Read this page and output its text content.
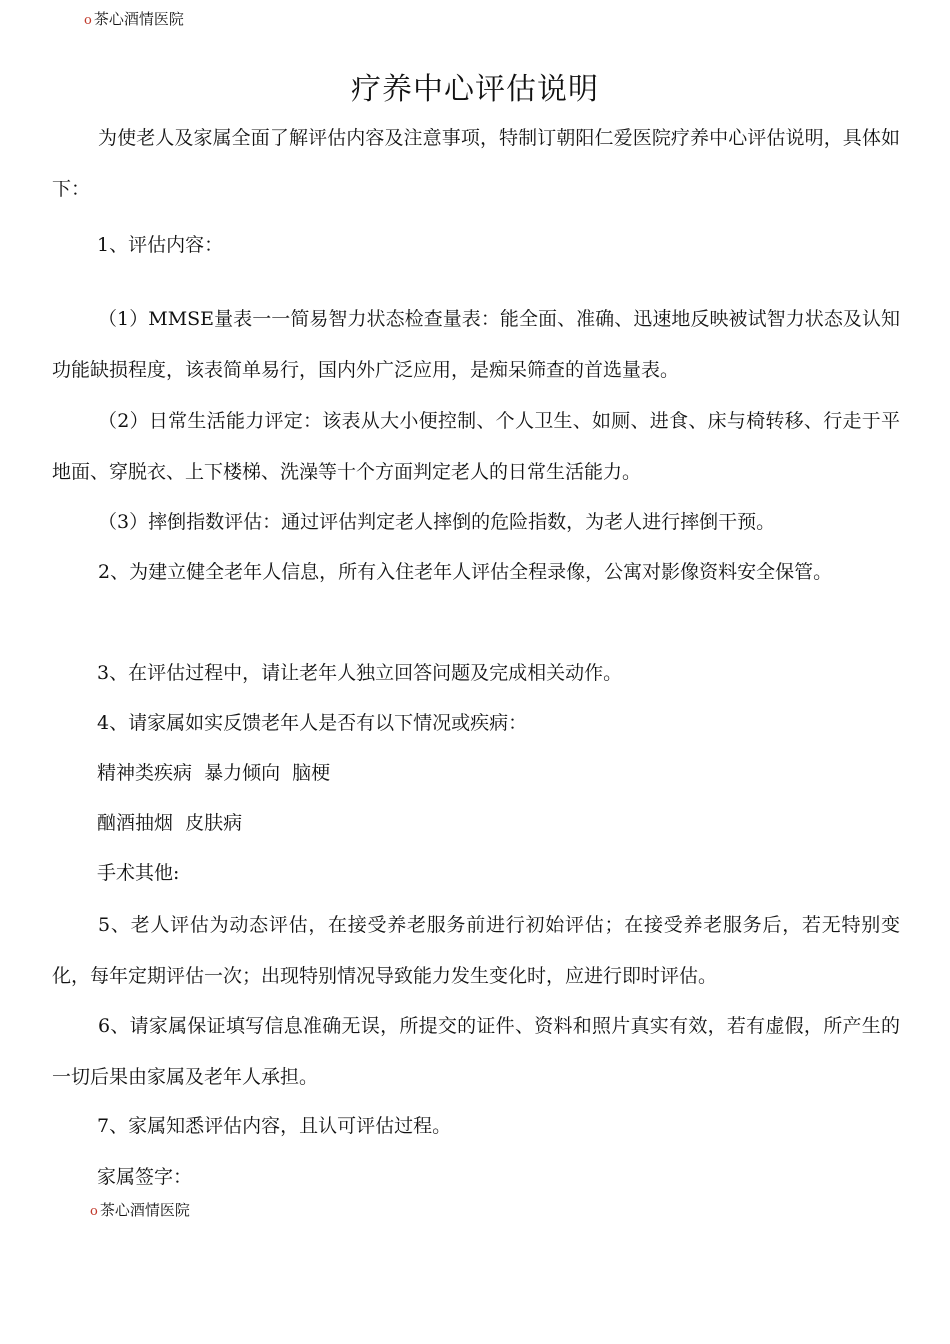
o 茶心酒情医院
疗养中心评估说明

为使老人及家属全面了解评估内容及注意事项，特制订朝阳仁爱医院疗养中心评估说明，具体如下：

1、评估内容：

（1）MMSE量表一一简易智力状态检查量表：能全面、准确、迅速地反映被试智力状态及认知功能缺损程度，该表简单易行，国内外广泛应用，是痴呆筛查的首选量表。

（2）日常生活能力评定：该表从大小便控制、个人卫生、如厕、进食、床与椅转移、行走于平地面、穿脱衣、上下楼梯、洗澡等十个方面判定老人的日常生活能力。

（3）摔倒指数评估：通过评估判定老人摔倒的危险指数，为老人进行摔倒干预。

2、为建立健全老年人信息，所有入住老年人评估全程录像，公寓对影像资料安全保管。

3、在评估过程中，请让老年人独立回答问题及完成相关动作。

4、请家属如实反馈老年人是否有以下情况或疾病：

精神类疾病  暴力倾向  脑梗

酗酒抽烟  皮肤病

手术其他:

5、老人评估为动态评估，在接受养老服务前进行初始评估；在接受养老服务后，若无特别变化，每年定期评估一次；出现特别情况导致能力发生变化时，应进行即时评估。

6、请家属保证填写信息准确无误，所提交的证件、资料和照片真实有效，若有虚假，所产生的一切后果由家属及老年人承担。

7、家属知悉评估内容，且认可评估过程。

家属签字：

o 茶心酒情医院
